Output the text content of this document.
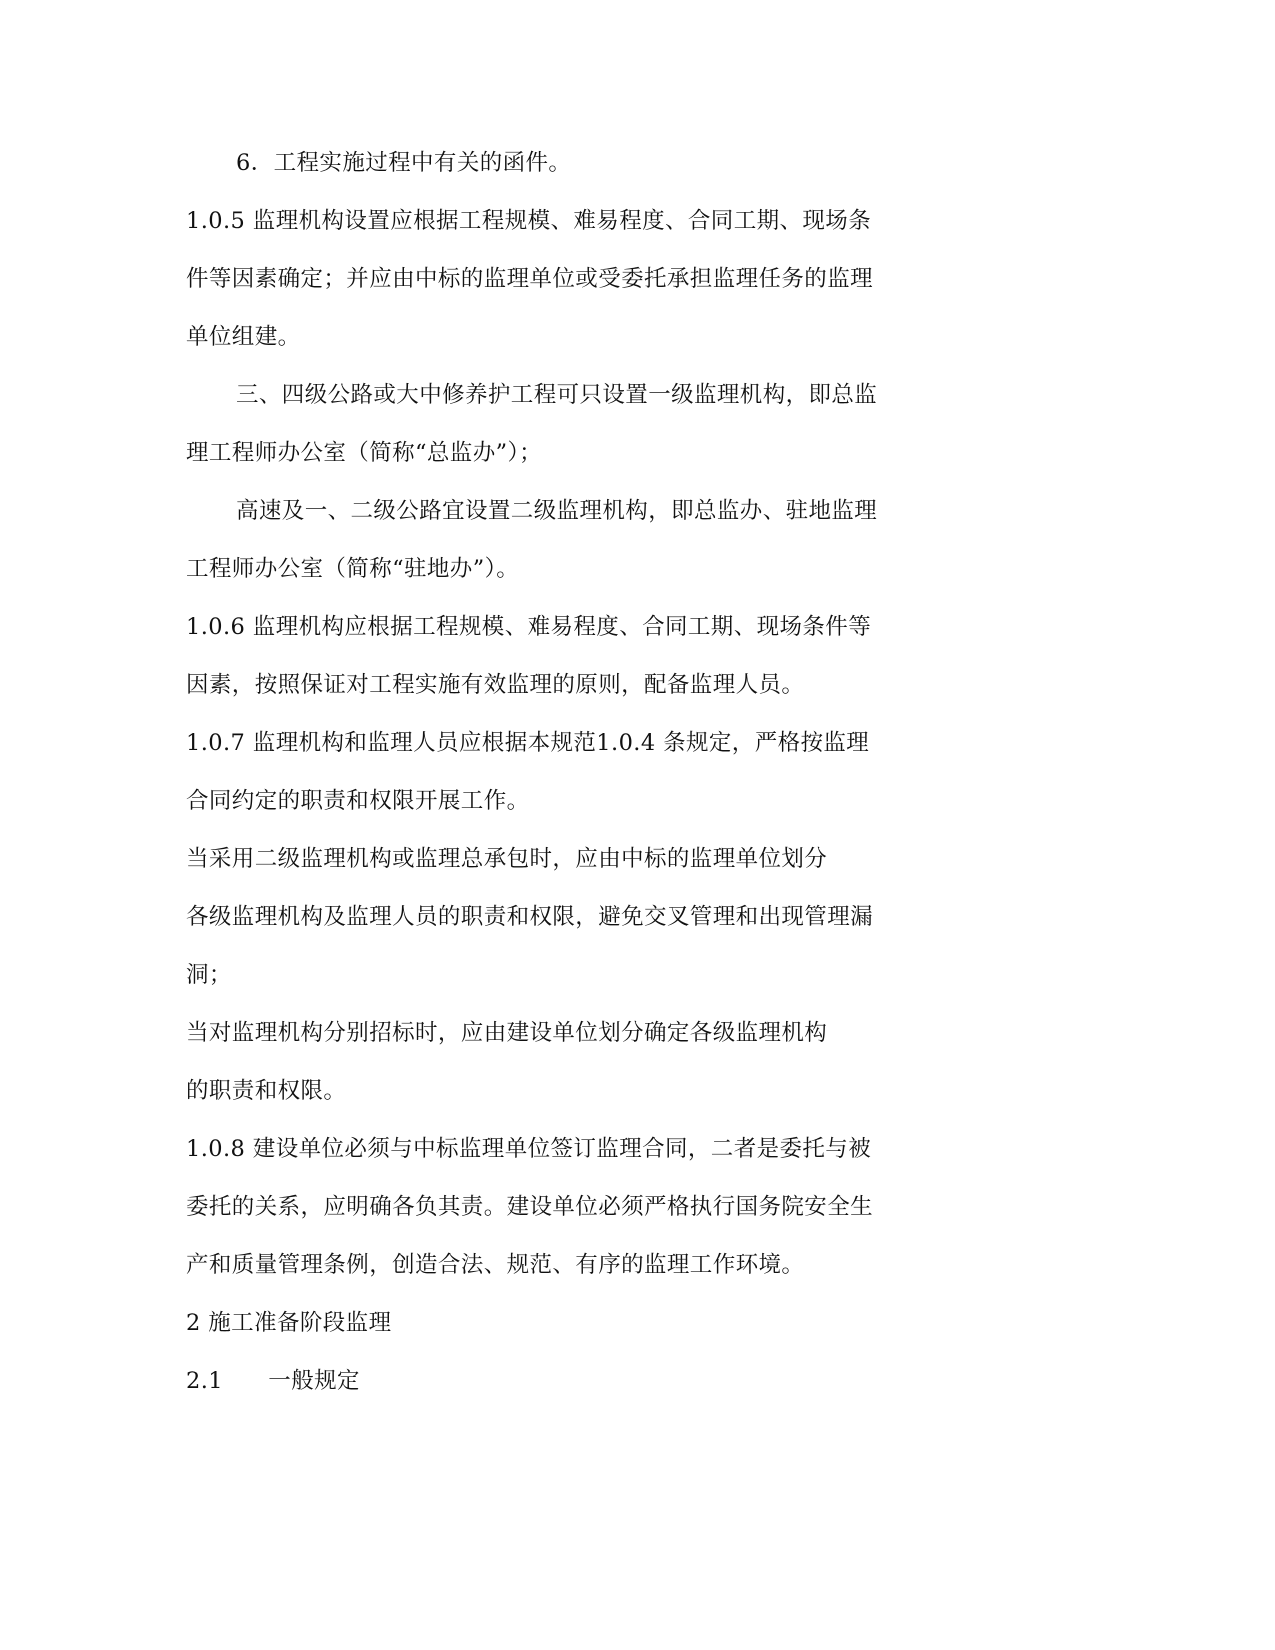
6．工程实施过程中有关的函件。
1.0.5 监理机构设置应根据工程规模、难易程度、合同工期、现场条
件等因素确定；并应由中标的监理单位或受委托承担监理任务的监理
单位组建。
三、四级公路或大中修养护工程可只设置一级监理机构，即总监
理工程师办公室（简称“总监办”）；
高速及一、二级公路宜设置二级监理机构，即总监办、驻地监理
工程师办公室（简称“驻地办”）。
1.0.6 监理机构应根据工程规模、难易程度、合同工期、现场条件等
因素，按照保证对工程实施有效监理的原则，配备监理人员。
1.0.7 监理机构和监理人员应根据本规范1.0.4 条规定，严格按监理
合同约定的职责和权限开展工作。
当采用二级监理机构或监理总承包时，应由中标的监理单位划分
各级监理机构及监理人员的职责和权限，避免交叉管理和出现管理漏
洞；
当对监理机构分别招标时，应由建设单位划分确定各级监理机构
的职责和权限。
1.0.8 建设单位必须与中标监理单位签订监理合同，二者是委托与被
委托的关系，应明确各负其责。建设单位必须严格执行国务院安全生
产和质量管理条例，创造合法、规范、有序的监理工作环境。
2 施工准备阶段监理
2.1      一般规定
